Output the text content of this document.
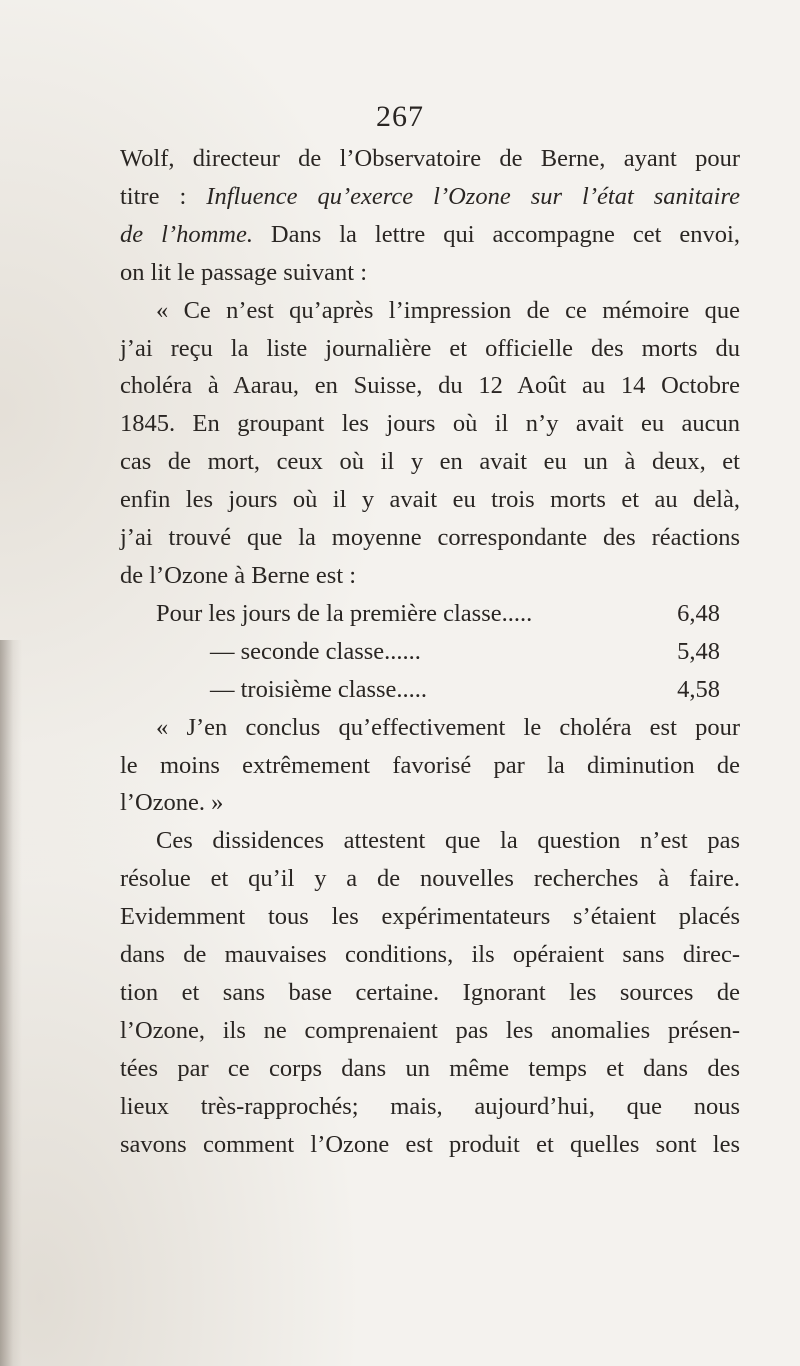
267
Wolf, directeur de l’Observatoire de Berne, ayant pour
titre : Influence qu’exerce l’Ozone sur l’état sanitaire
de l’homme. Dans la lettre qui accompagne cet envoi,
on lit le passage suivant :
« Ce n’est qu’après l’impression de ce mémoire que
j’ai reçu la liste journalière et officielle des morts du
choléra à Aarau, en Suisse, du 12 Août au 14 Octobre
1845. En groupant les jours où il n’y avait eu aucun
cas de mort, ceux où il y en avait eu un à deux, et
enfin les jours où il y avait eu trois morts et au delà,
j’ai trouvé que la moyenne correspondante des réactions
de l’Ozone à Berne est :
Pour les jours de la première classe.....	6,48
— seconde classe......	5,48
— troisième classe.....	4,58
« J’en conclus qu’effectivement le choléra est pour
le moins extrêmement favorisé par la diminution de
l’Ozone. »
Ces dissidences attestent que la question n’est pas
résolue et qu’il y a de nouvelles recherches à faire.
Evidemment tous les expérimentateurs s’étaient placés
dans de mauvaises conditions, ils opéraient sans direc-
tion et sans base certaine. Ignorant les sources de
l’Ozone, ils ne comprenaient pas les anomalies présen-
tées par ce corps dans un même temps et dans des
lieux très-rapprochés; mais, aujourd’hui, que nous
savons comment l’Ozone est produit et quelles sont les
